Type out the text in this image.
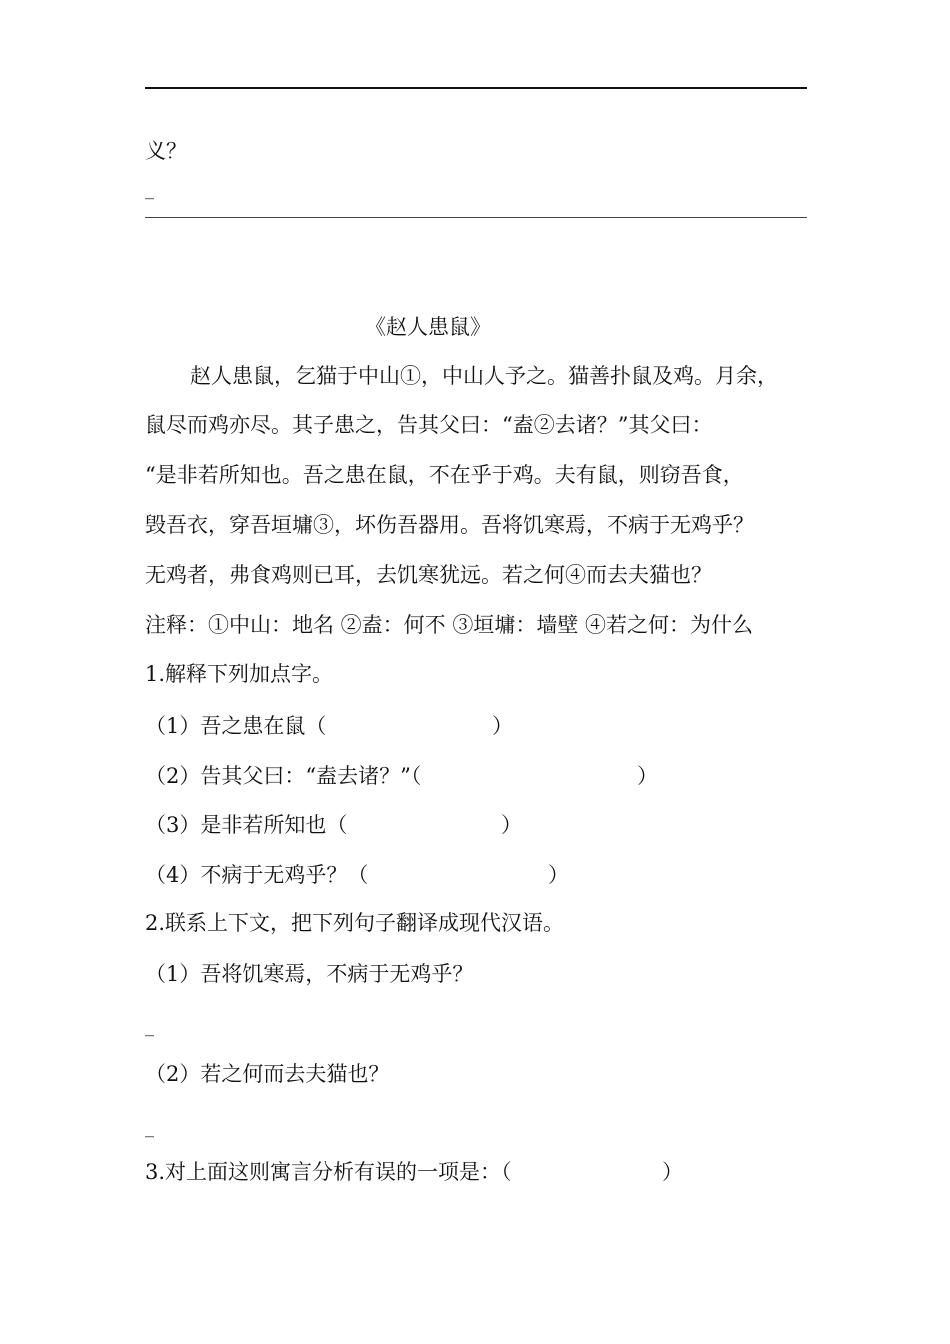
义？
_
《赵人患鼠》
赵人患鼠，乞猫于中山①，中山人予之。猫善扑鼠及鸡。月余，
鼠尽而鸡亦尽。其子患之，告其父曰：“盍②去诸？”其父曰：
“是非若所知也。吾之患在鼠，不在乎于鸡。夫有鼠，则窃吾食，
毁吾衣，穿吾垣墉③，坏伤吾器用。吾将饥寒焉，不病于无鸡乎？
无鸡者，弗食鸡则已耳，去饥寒犹远。若之何④而去夫猫也？
注释：①中山：地名 ②盍：何不 ③垣墉：墙壁 ④若之何：为什么
1.解释下列加点字。
（1）吾之患在鼠（	）
（2）告其父曰：“盍去诸？”（	）
（3）是非若所知也（	）
（4）不病于无鸡乎？（	）
2.联系上下文，把下列句子翻译成现代汉语。
（1）吾将饥寒焉，不病于无鸡乎？
_
（2）若之何而去夫猫也？
_
3.对上面这则寓言分析有误的一项是：（	）
